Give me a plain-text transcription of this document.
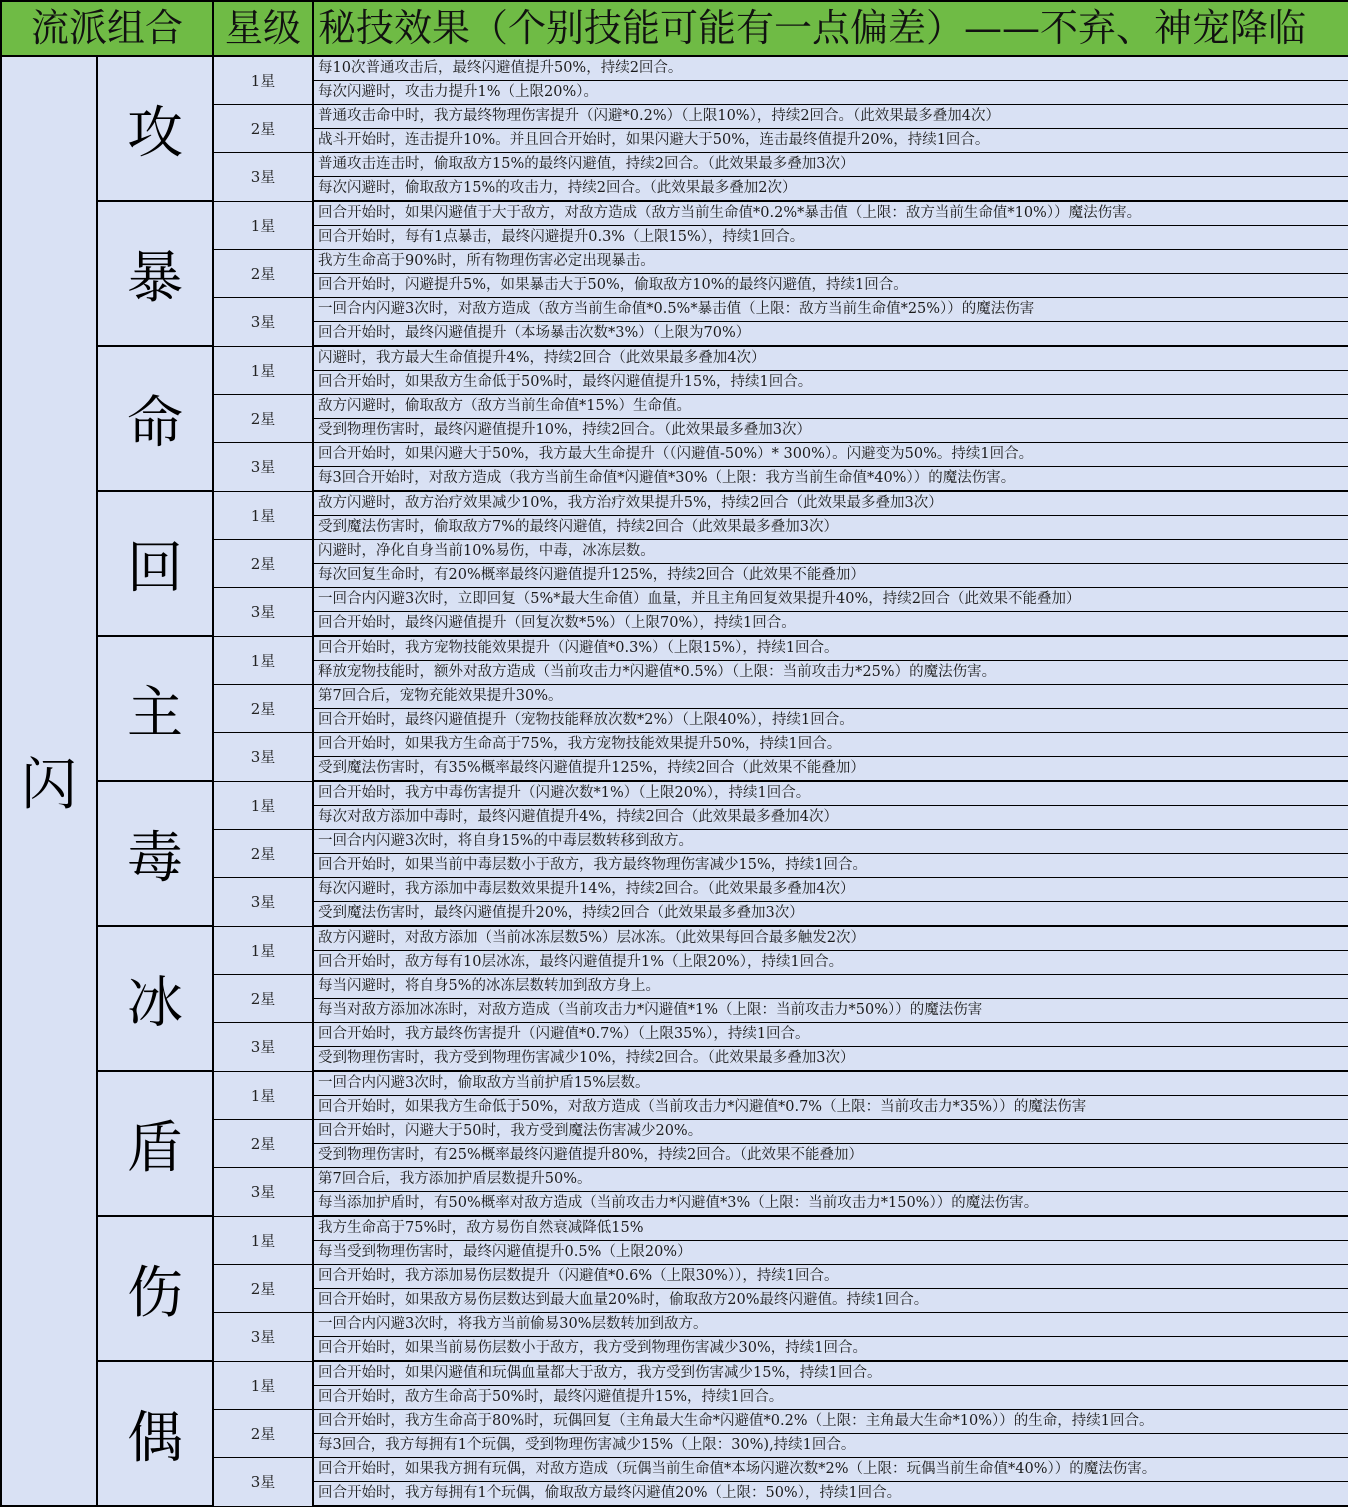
流派组合		星级	秘技效果（个别技能可能有一点偏差）——不弃、神宠降临
闪	攻	1星	每10次普通攻击后，最终闪避值提升50%，持续2回合。
			每次闪避时，攻击力提升1%（上限20%）。
		2星	普通攻击命中时，我方最终物理伤害提升（闪避*0.2%）（上限10%），持续2回合。（此效果最多叠加4次）
			战斗开始时，连击提升10%。并且回合开始时，如果闪避大于50%，连击最终值提升20%，持续1回合。
		3星	普通攻击连击时，偷取敌方15%的最终闪避值，持续2回合。（此效果最多叠加3次）
			每次闪避时，偷取敌方15%的攻击力，持续2回合。（此效果最多叠加2次）
	暴	1星	回合开始时，如果闪避值于大于敌方，对敌方造成（敌方当前生命值*0.2%*暴击值（上限：敌方当前生命值*10%））魔法伤害。
			回合开始时，每有1点暴击，最终闪避提升0.3%（上限15%），持续1回合。
		2星	我方生命高于90%时，所有物理伤害必定出现暴击。
			回合开始时，闪避提升5%，如果暴击大于50%，偷取敌方10%的最终闪避值，持续1回合。
		3星	一回合内闪避3次时，对敌方造成（敌方当前生命值*0.5%*暴击值（上限：敌方当前生命值*25%））的魔法伤害
			回合开始时，最终闪避值提升（本场暴击次数*3%）（上限为70%）
	命	1星	闪避时，我方最大生命值提升4%，持续2回合（此效果最多叠加4次）
			回合开始时，如果敌方生命低于50%时，最终闪避值提升15%，持续1回合。
		2星	敌方闪避时，偷取敌方（敌方当前生命值*15%）生命值。
			受到物理伤害时，最终闪避值提升10%，持续2回合。（此效果最多叠加3次）
		3星	回合开始时，如果闪避大于50%，我方最大生命提升（（闪避值-50%）* 300%）。闪避变为50%。持续1回合。
			每3回合开始时，对敌方造成（我方当前生命值*闪避值*30%（上限：我方当前生命值*40%））的魔法伤害。
	回	1星	敌方闪避时，敌方治疗效果减少10%，我方治疗效果提升5%，持续2回合（此效果最多叠加3次）
			受到魔法伤害时，偷取敌方7%的最终闪避值，持续2回合（此效果最多叠加3次）
		2星	闪避时，净化自身当前10%易伤，中毒，冰冻层数。
			每次回复生命时，有20%概率最终闪避值提升125%，持续2回合（此效果不能叠加）
		3星	一回合内闪避3次时，立即回复（5%*最大生命值）血量，并且主角回复效果提升40%，持续2回合（此效果不能叠加）
			回合开始时，最终闪避值提升（回复次数*5%）（上限70%），持续1回合。
	主	1星	回合开始时，我方宠物技能效果提升（闪避值*0.3%）（上限15%），持续1回合。
			释放宠物技能时，额外对敌方造成（当前攻击力*闪避值*0.5%）（上限：当前攻击力*25%）的魔法伤害。
		2星	第7回合后，宠物充能效果提升30%。
			回合开始时，最终闪避值提升（宠物技能释放次数*2%）（上限40%），持续1回合。
		3星	回合开始时，如果我方生命高于75%，我方宠物技能效果提升50%，持续1回合。
			受到魔法伤害时，有35%概率最终闪避值提升125%，持续2回合（此效果不能叠加）
	毒	1星	回合开始时，我方中毒伤害提升（闪避次数*1%）（上限20%），持续1回合。
			每次对敌方添加中毒时，最终闪避值提升4%，持续2回合（此效果最多叠加4次）
		2星	一回合内闪避3次时，将自身15%的中毒层数转移到敌方。
			回合开始时，如果当前中毒层数小于敌方，我方最终物理伤害减少15%，持续1回合。
		3星	每次闪避时，我方添加中毒层数效果提升14%，持续2回合。（此效果最多叠加4次）
			受到魔法伤害时，最终闪避值提升20%，持续2回合（此效果最多叠加3次）
	冰	1星	敌方闪避时，对敌方添加（当前冰冻层数5%）层冰冻。（此效果每回合最多触发2次）
			回合开始时，敌方每有10层冰冻，最终闪避值提升1%（上限20%），持续1回合。
		2星	每当闪避时，将自身5%的冰冻层数转加到敌方身上。
			每当对敌方添加冰冻时，对敌方造成（当前攻击力*闪避值*1%（上限：当前攻击力*50%））的魔法伤害
		3星	回合开始时，我方最终伤害提升（闪避值*0.7%）（上限35%），持续1回合。
			受到物理伤害时，我方受到物理伤害减少10%，持续2回合。（此效果最多叠加3次）
	盾	1星	一回合内闪避3次时，偷取敌方当前护盾15%层数。
			回合开始时，如果我方生命低于50%，对敌方造成（当前攻击力*闪避值*0.7%（上限：当前攻击力*35%））的魔法伤害
		2星	回合开始时，闪避大于50时，我方受到魔法伤害减少20%。
			受到物理伤害时，有25%概率最终闪避值提升80%，持续2回合。（此效果不能叠加）
		3星	第7回合后，我方添加护盾层数提升50%。
			每当添加护盾时，有50%概率对敌方造成（当前攻击力*闪避值*3%（上限：当前攻击力*150%））的魔法伤害。
	伤	1星	我方生命高于75%时，敌方易伤自然衰减降低15%
			每当受到物理伤害时，最终闪避值提升0.5%（上限20%）
		2星	回合开始时，我方添加易伤层数提升（闪避值*0.6%（上限30%）），持续1回合。
			回合开始时，如果敌方易伤层数达到最大血量20%时，偷取敌方20%最终闪避值。持续1回合。
		3星	一回合内闪避3次时，将我方当前偷易30%层数转加到敌方。
			回合开始时，如果当前易伤层数小于敌方，我方受到物理伤害减少30%，持续1回合。
	偶	1星	回合开始时，如果闪避值和玩偶血量都大于敌方，我方受到伤害减少15%，持续1回合。
			回合开始时，敌方生命高于50%时，最终闪避值提升15%，持续1回合。
		2星	回合开始时，我方生命高于80%时，玩偶回复（主角最大生命*闪避值*0.2%（上限：主角最大生命*10%））的生命，持续1回合。
			每3回合，我方每拥有1个玩偶，受到物理伤害减少15%（上限：30%),持续1回合。
		3星	回合开始时，如果我方拥有玩偶，对敌方造成（玩偶当前生命值*本场闪避次数*2%（上限：玩偶当前生命值*40%））的魔法伤害。
			回合开始时，我方每拥有1个玩偶，偷取敌方最终闪避值20%（上限：50%），持续1回合。
